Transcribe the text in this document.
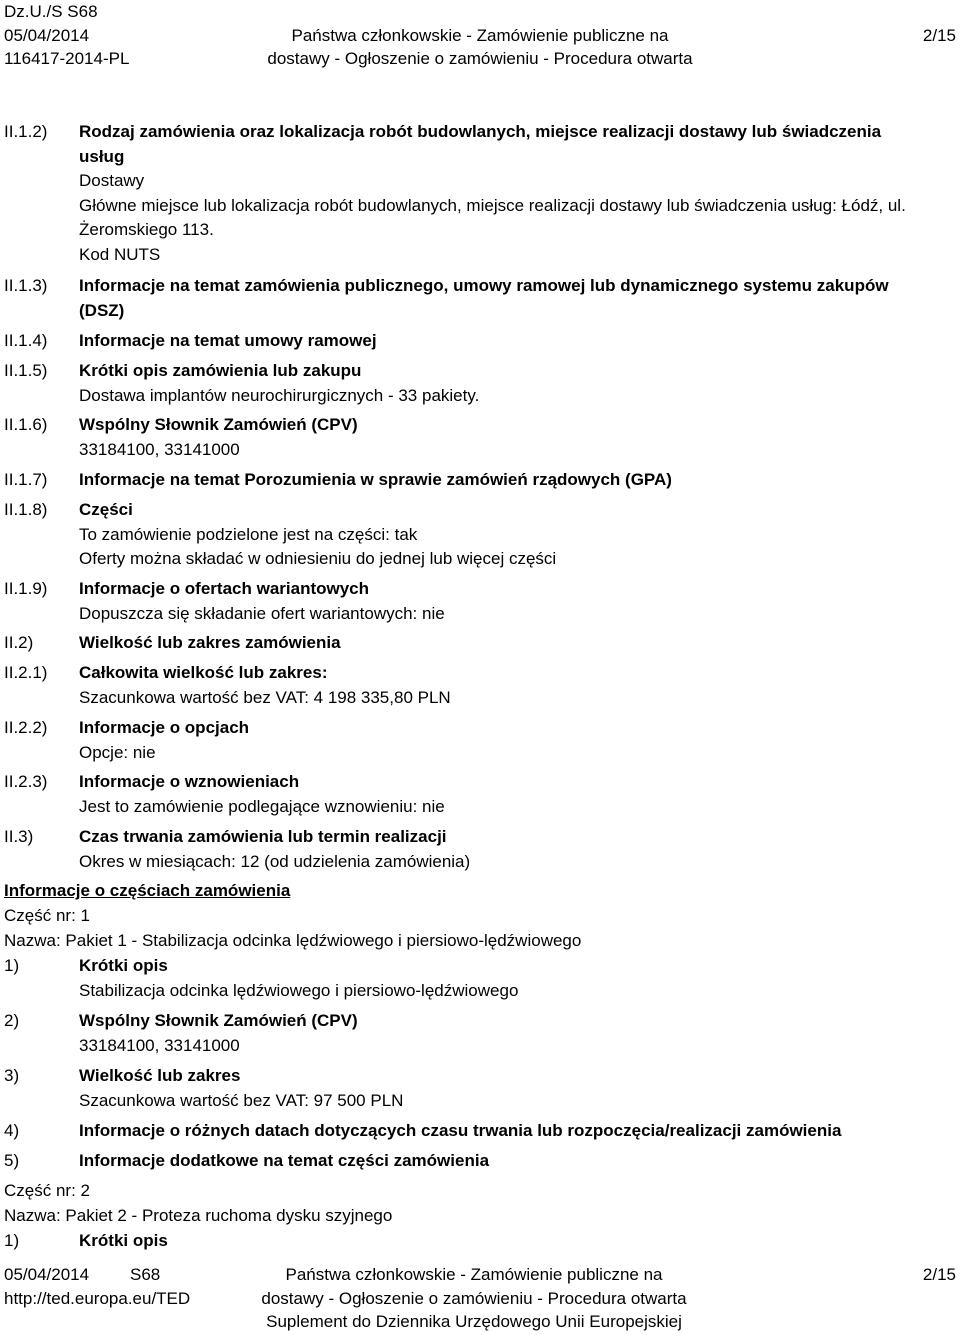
Dz.U./S S68
05/04/2014	Państwa członkowskie - Zamówienie publiczne na	2/15
116417-2014-PL	dostawy - Ogłoszenie o zamówieniu - Procedura otwarta
II.1.2)	Rodzaj zamówienia oraz lokalizacja robót budowlanych, miejsce realizacji dostawy lub świadczenia
usług
Dostawy
Główne miejsce lub lokalizacja robót budowlanych, miejsce realizacji dostawy lub świadczenia usług: Łódź, ul.
Żeromskiego 113.
Kod NUTS
II.1.3)	Informacje na temat zamówienia publicznego, umowy ramowej lub dynamicznego systemu zakupów
(DSZ)
II.1.4)	Informacje na temat umowy ramowej
II.1.5)	Krótki opis zamówienia lub zakupu
Dostawa implantów neurochirurgicznych - 33 pakiety.
II.1.6)	Wspólny Słownik Zamówień (CPV)
33184100, 33141000
II.1.7)	Informacje na temat Porozumienia w sprawie zamówień rządowych (GPA)
II.1.8)	Części
To zamówienie podzielone jest na części: tak
Oferty można składać w odniesieniu do jednej lub więcej części
II.1.9)	Informacje o ofertach wariantowych
Dopuszcza się składanie ofert wariantowych: nie
II.2)	Wielkość lub zakres zamówienia
II.2.1)	Całkowita wielkość lub zakres:
Szacunkowa wartość bez VAT: 4 198 335,80 PLN
II.2.2)	Informacje o opcjach
Opcje: nie
II.2.3)	Informacje o wznowieniach
Jest to zamówienie podlegające wznowieniu: nie
II.3)	Czas trwania zamówienia lub termin realizacji
Okres w miesiącach: 12 (od udzielenia zamówienia)
Informacje o częściach zamówienia
Część nr: 1
Nazwa: Pakiet 1 - Stabilizacja odcinka lędźwiowego i piersiowo-lędźwiowego
1)	Krótki opis
Stabilizacja odcinka lędźwiowego i piersiowo-lędźwiowego
2)	Wspólny Słownik Zamówień (CPV)
33184100, 33141000
3)	Wielkość lub zakres
Szacunkowa wartość bez VAT: 97 500 PLN
4)	Informacje o różnych datach dotyczących czasu trwania lub rozpoczęcia/realizacji zamówienia
5)	Informacje dodatkowe na temat części zamówienia
Część nr: 2
Nazwa: Pakiet 2 - Proteza ruchoma dysku szyjnego
1)	Krótki opis
05/04/2014 S68	Państwa członkowskie - Zamówienie publiczne na	2/15
http://ted.europa.eu/TED	dostawy - Ogłoszenie o zamówieniu - Procedura otwarta
Suplement do Dziennika Urzędowego Unii Europejskiej
